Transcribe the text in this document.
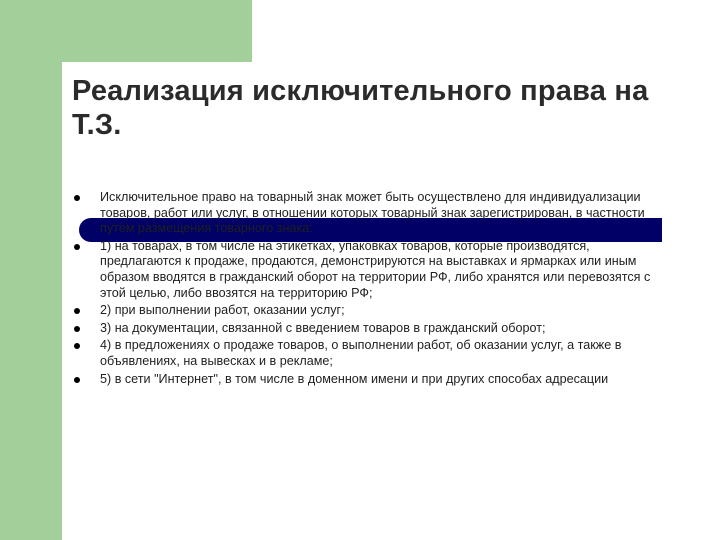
Реализация исключительного права на Т.З.
Исключительное право на товарный знак может быть осуществлено для индивидуализации товаров, работ или услуг, в отношении которых товарный знак зарегистрирован, в частности путем размещения товарного знака:
1) на товарах, в том числе на этикетках, упаковках товаров, которые производятся, предлагаются к продаже, продаются, демонстрируются на выставках и ярмарках или иным образом вводятся в гражданский оборот на территории РФ, либо хранятся или перевозятся с этой целью, либо ввозятся на территорию РФ;
2) при выполнении работ, оказании услуг;
3) на документации, связанной с введением товаров в гражданский оборот;
4) в предложениях о продаже товаров, о выполнении работ, об оказании услуг, а также в объявлениях, на вывесках и в рекламе;
5) в сети "Интернет", в том числе в доменном имени и при других способах адресации
